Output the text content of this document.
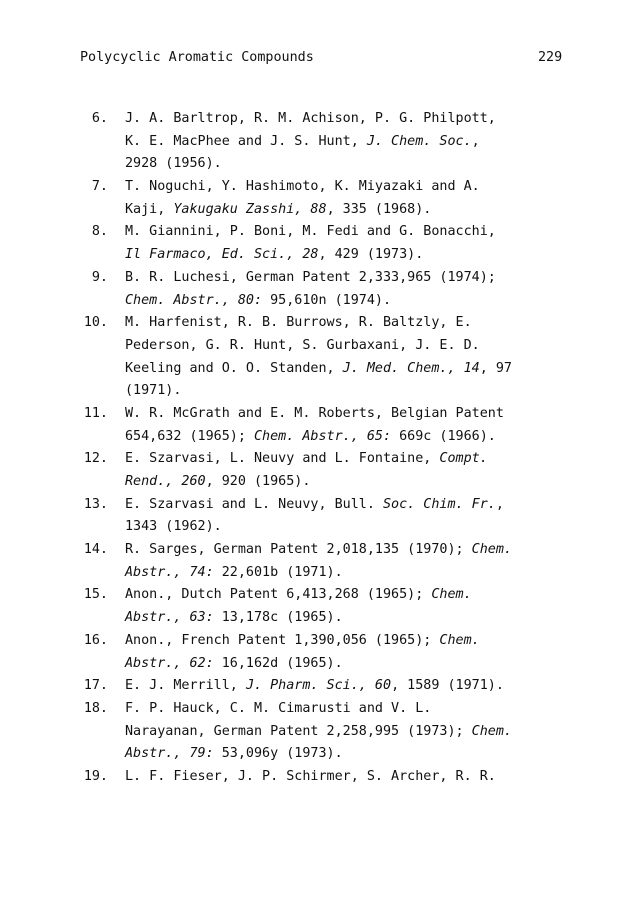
Polycyclic Aromatic Compounds	229
6. J. A. Barltrop, R. M. Achison, P. G. Philpott,
K. E. MacPhee and J. S. Hunt, J. Chem. Soc.,
2928 (1956).
7. T. Noguchi, Y. Hashimoto, K. Miyazaki and A.
Kaji, Yakugaku Zasshi, 88, 335 (1968).
8. M. Giannini, P. Boni, M. Fedi and G. Bonacchi,
Il Farmaco, Ed. Sci., 28, 429 (1973).
9. B. R. Luchesi, German Patent 2,333,965 (1974);
Chem. Abstr., 80: 95,610n (1974).
10. M. Harfenist, R. B. Burrows, R. Baltzly, E.
Pederson, G. R. Hunt, S. Gurbaxani, J. E. D.
Keeling and O. O. Standen, J. Med. Chem., 14, 97
(1971).
11. W. R. McGrath and E. M. Roberts, Belgian Patent
654,632 (1965); Chem. Abstr., 65: 669c (1966).
12. E. Szarvasi, L. Neuvy and L. Fontaine, Compt.
Rend., 260, 920 (1965).
13. E. Szarvasi and L. Neuvy, Bull. Soc. Chim. Fr.,
1343 (1962).
14. R. Sarges, German Patent 2,018,135 (1970); Chem.
Abstr., 74: 22,601b (1971).
15. Anon., Dutch Patent 6,413,268 (1965); Chem.
Abstr., 63: 13,178c (1965).
16. Anon., French Patent 1,390,056 (1965); Chem.
Abstr., 62: 16,162d (1965).
17. E. J. Merrill, J. Pharm. Sci., 60, 1589 (1971).
18. F. P. Hauck, C. M. Cimarusti and V. L.
Narayanan, German Patent 2,258,995 (1973); Chem.
Abstr., 79: 53,096y (1973).
19. L. F. Fieser, J. P. Schirmer, S. Archer, R. R.
